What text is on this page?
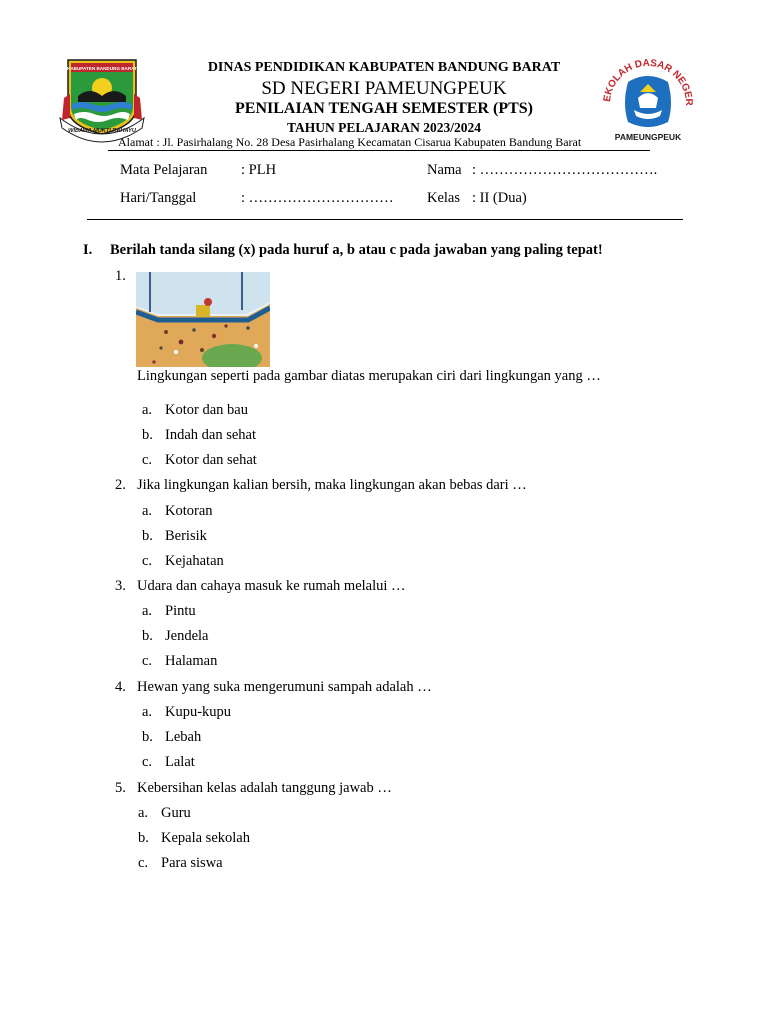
KABUPATEN BANDUNG BARAT
WIBAWA MUKTI RAHAYU
EKOLAH DASAR NEGER
PAMEUNGPEUK
DINAS PENDIDIKAN KABUPATEN BANDUNG BARAT
SD NEGERI PAMEUNGPEUK
PENILAIAN TENGAH SEMESTER (PTS)
TAHUN PELAJARAN 2023/2024
Alamat : Jl. Pasirhalang No. 28 Desa Pasirhalang Kecamatan Cisarua Kabupaten Bandung Barat
Mata Pelajaran : PLH	Nama : ……………………………….
Hari/Tanggal	: ………………………… Kelas : II (Dua)
I. Berilah tanda silang (x) pada huruf a, b atau c pada jawaban yang paling tepat!
1.
Lingkungan seperti pada gambar diatas merupakan ciri dari lingkungan yang …
a. Kotor dan bau
b. Indah dan sehat
c. Kotor dan sehat
2. Jika lingkungan kalian bersih, maka lingkungan akan bebas dari …
a. Kotoran
b. Berisik
c. Kejahatan
3. Udara dan cahaya masuk ke rumah melalui …
a. Pintu
b. Jendela
c. Halaman
4. Hewan yang suka mengerumuni sampah adalah …
a. Kupu-kupu
b. Lebah
c. Lalat
5. Kebersihan kelas adalah tanggung jawab …
a. Guru
b. Kepala sekolah
c. Para siswa
